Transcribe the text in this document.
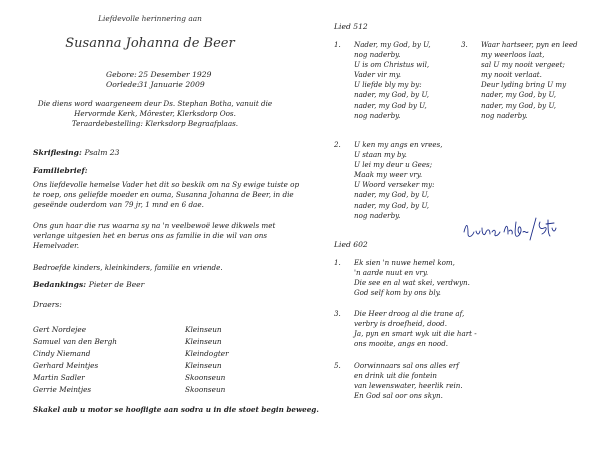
Liefdevolle herinnering aan
Susanna Johanna de Beer
Gebore: 25 Desember 1929
Oorlede: 31 Januarie 2009
Die diens word waargeneem deur Ds. Stephan Botha, vanuit die
Hervormde Kerk, Môrester, Klerksdorp Oos.
Teraardebestelling: Klerksdorp Begraafplaas.
Skriflesing: Psalm 23
Familiebrief:
Ons liefdevolle hemelse Vader het dit so beskik om na Sy ewige tuiste op te roep, ons geliefde moeder en ouma, Susanna Johanna de Beer, in die geseënde ouderdom van 79 jr, 1 mnd en 6 dae.
Ons gun haar die rus waarna sy na 'n veelbewoë lewe dikwels met verlange uitgesien het en berus ons as familie in die wil van ons Hemelvader.
Bedroefde kinders, kleinkinders, familie en vriende.
Bedankings: Pieter de Beer
Draers:
Gert Nordejee	Kleinseun
Samuel van den Bergh	Kleinseun
Cindy Niemand	Kleindogter
Gerhard Meintjes	Kleinseun
Martin Sadler	Skoonseun
Gerrie Meintjes	Skoonseun
Skakel aub u motor se hoofligte aan sodra u in die stoet begin beweeg.
Lied 512
1. Nader, my God, by U,
nog naderby.
U is om Christus wil,
Vader vir my.
U liefde bly my by:
nader, my God, by U,
nader, my God by U,
nog naderby.
2. U ken my angs en vrees,
U staan my by.
U lei my deur u Gees;
Maak my weer vry.
U Woord verseker my:
nader, my God, by U,
nader, my God, by U,
nog naderby.
3. Waar hartseer, pyn en leed
my weerloos laat,
sal U my nooit vergeet;
my nooit verlaat.
Deur lyding bring U my
nader, my God, by U,
nader, my God, by U,
nog naderby.
Lied 602
1. Ek sien 'n nuwe hemel kom,
'n aarde nuut en vry.
Die see en al wat skei, verdwyn.
God self kom by ons bly.
3. Die Heer droog al die trane af,
verbry is droefheid, dood.
Ja, pyn en smart wyk uit die hart -
ons mooite, angs en nood.
5. Oorwinnaars sal ons alles erf
en drink uit die fontein
van lewenswater, heerlik rein.
En God sal oor ons skyn.
